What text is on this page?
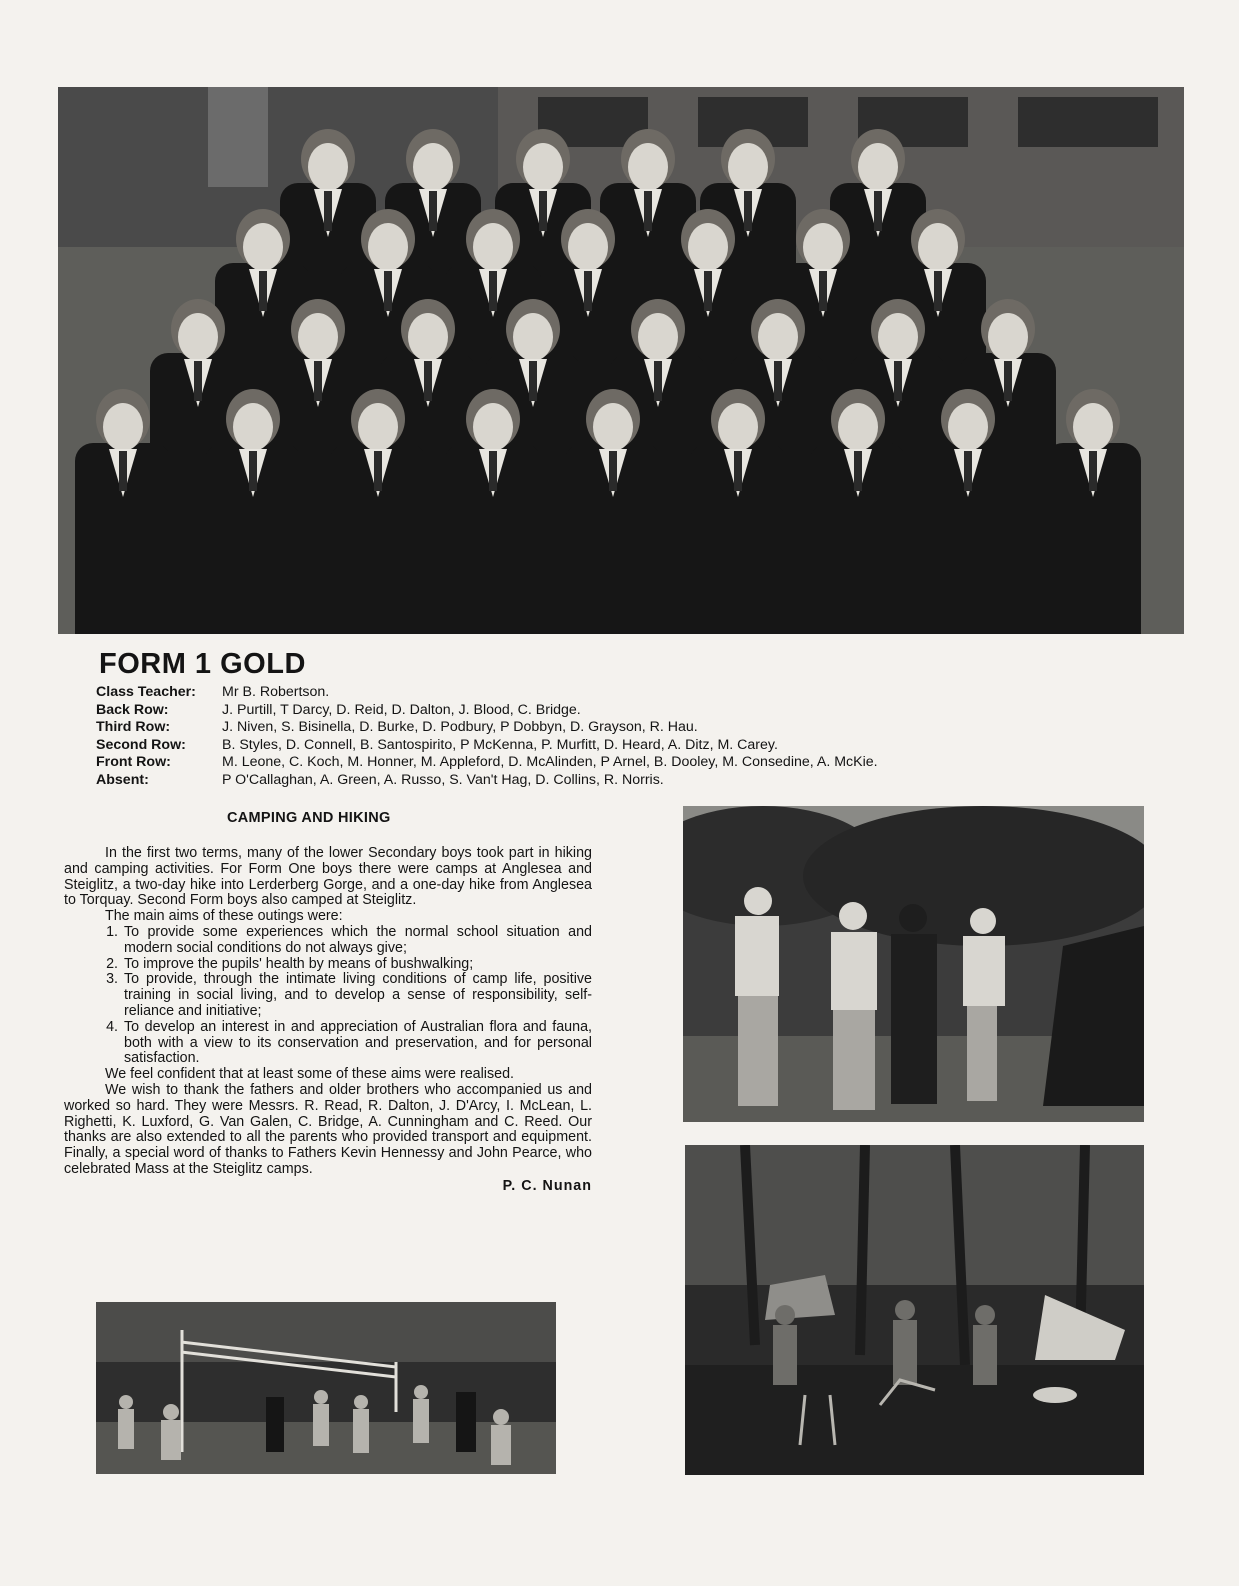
FORM 1 GOLD
Class Teacher:	Mr B. Robertson.
Back Row:	J. Purtill, T Darcy, D. Reid, D. Dalton, J. Blood, C. Bridge.
Third Row:	J. Niven, S. Bisinella, D. Burke, D. Podbury, P Dobbyn, D. Grayson, R. Hau.
Second Row:	B. Styles, D. Connell, B. Santospirito, P McKenna, P. Murfitt, D. Heard, A. Ditz, M. Carey.
Front Row:	M. Leone, C. Koch, M. Honner, M. Appleford, D. McAlinden, P Arnel, B. Dooley, M. Consedine, A. McKie.
Absent:	P O'Callaghan, A. Green, A. Russo, S. Van't Hag, D. Collins, R. Norris.
CAMPING AND HIKING

In the first two terms, many of the lower Secondary boys took part in hiking and camping activities. For Form One boys there were camps at Anglesea and Steiglitz, a two-day hike into Lerderberg Gorge, and a one-day hike from Anglesea to Torquay. Second Form boys also camped at Steiglitz.

The main aims of these outings were:

1. To provide some experiences which the normal school situation and modern social conditions do not always give;
2. To improve the pupils' health by means of bushwalking;
3. To provide, through the intimate living conditions of camp life, positive training in social living, and to develop a sense of responsibility, self-reliance and initiative;
4. To develop an interest in and appreciation of Australian flora and fauna, both with a view to its conservation and preservation, and for personal satisfaction.

We feel confident that at least some of these aims were realised.

We wish to thank the fathers and older brothers who accompanied us and worked so hard. They were Messrs. R. Read, R. Dalton, J. D'Arcy, I. McLean, L. Righetti, K. Luxford, G. Van Galen, C. Bridge, A. Cunningham and C. Reed. Our thanks are also extended to all the parents who provided transport and equipment. Finally, a special word of thanks to Fathers Kevin Hennessy and John Pearce, who celebrated Mass at the Steiglitz camps.

P. C. Nunan
